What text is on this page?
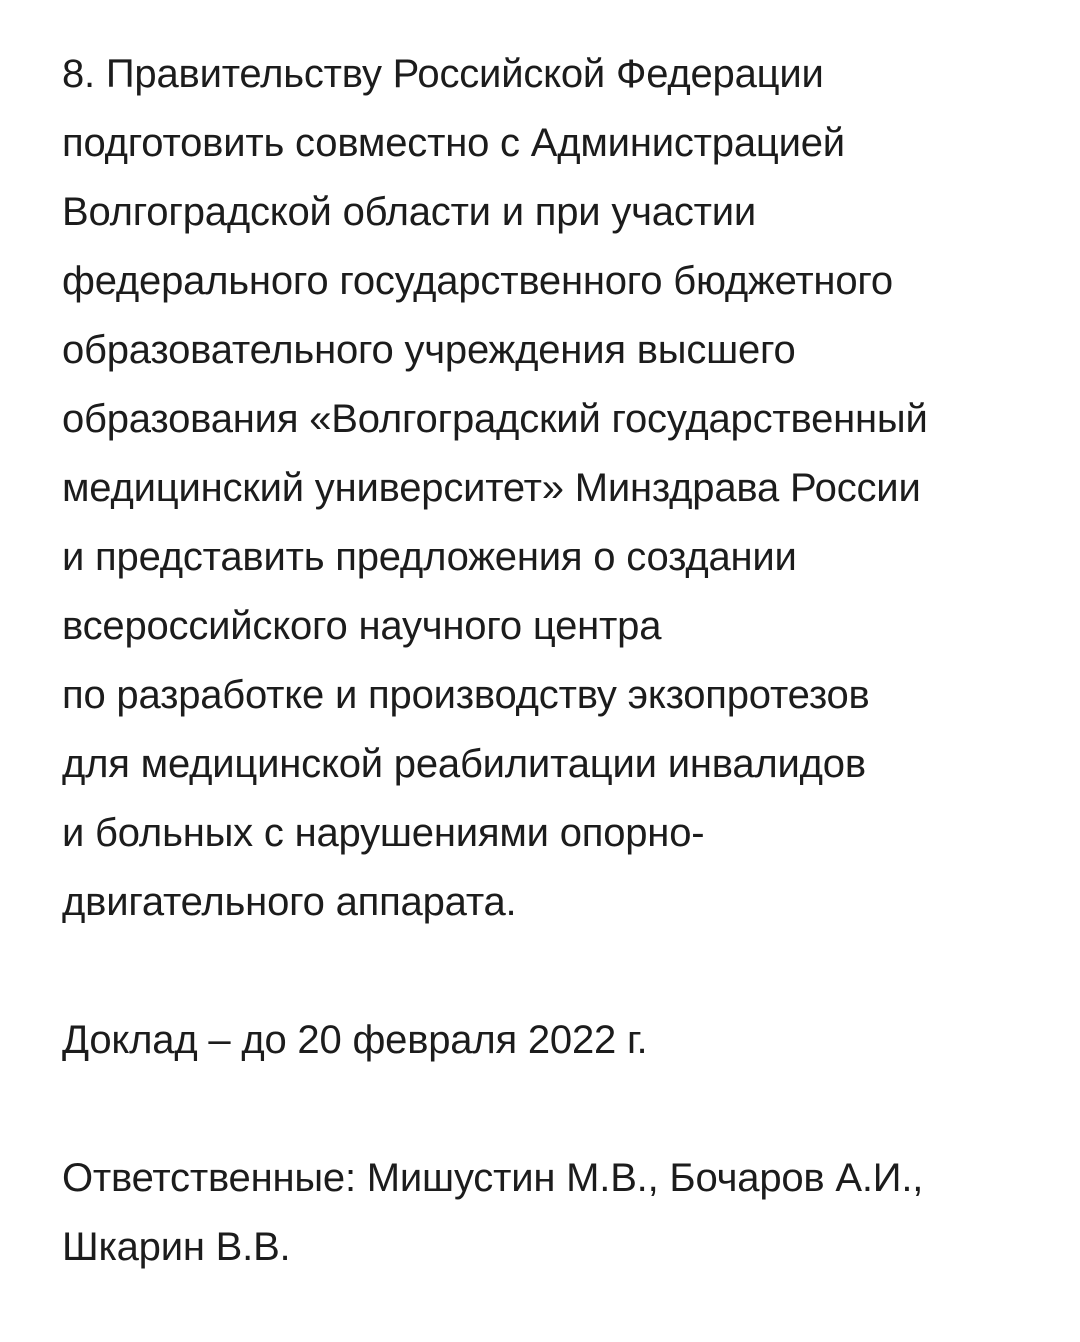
8. Правительству Российской Федерации
подготовить совместно с Администрацией
Волгоградской области и при участии
федерального государственного бюджетного
образовательного учреждения высшего
образования «Волгоградский государственный
медицинский университет» Минздрава России
и представить предложения о создании
всероссийского научного центра
по разработке и производству экзопротезов
для медицинской реабилитации инвалидов
и больных с нарушениями опорно-
двигательного аппарата.
Доклад – до 20 февраля 2022 г.
Ответственные: Мишустин М.В., Бочаров А.И.,
Шкарин В.В.
